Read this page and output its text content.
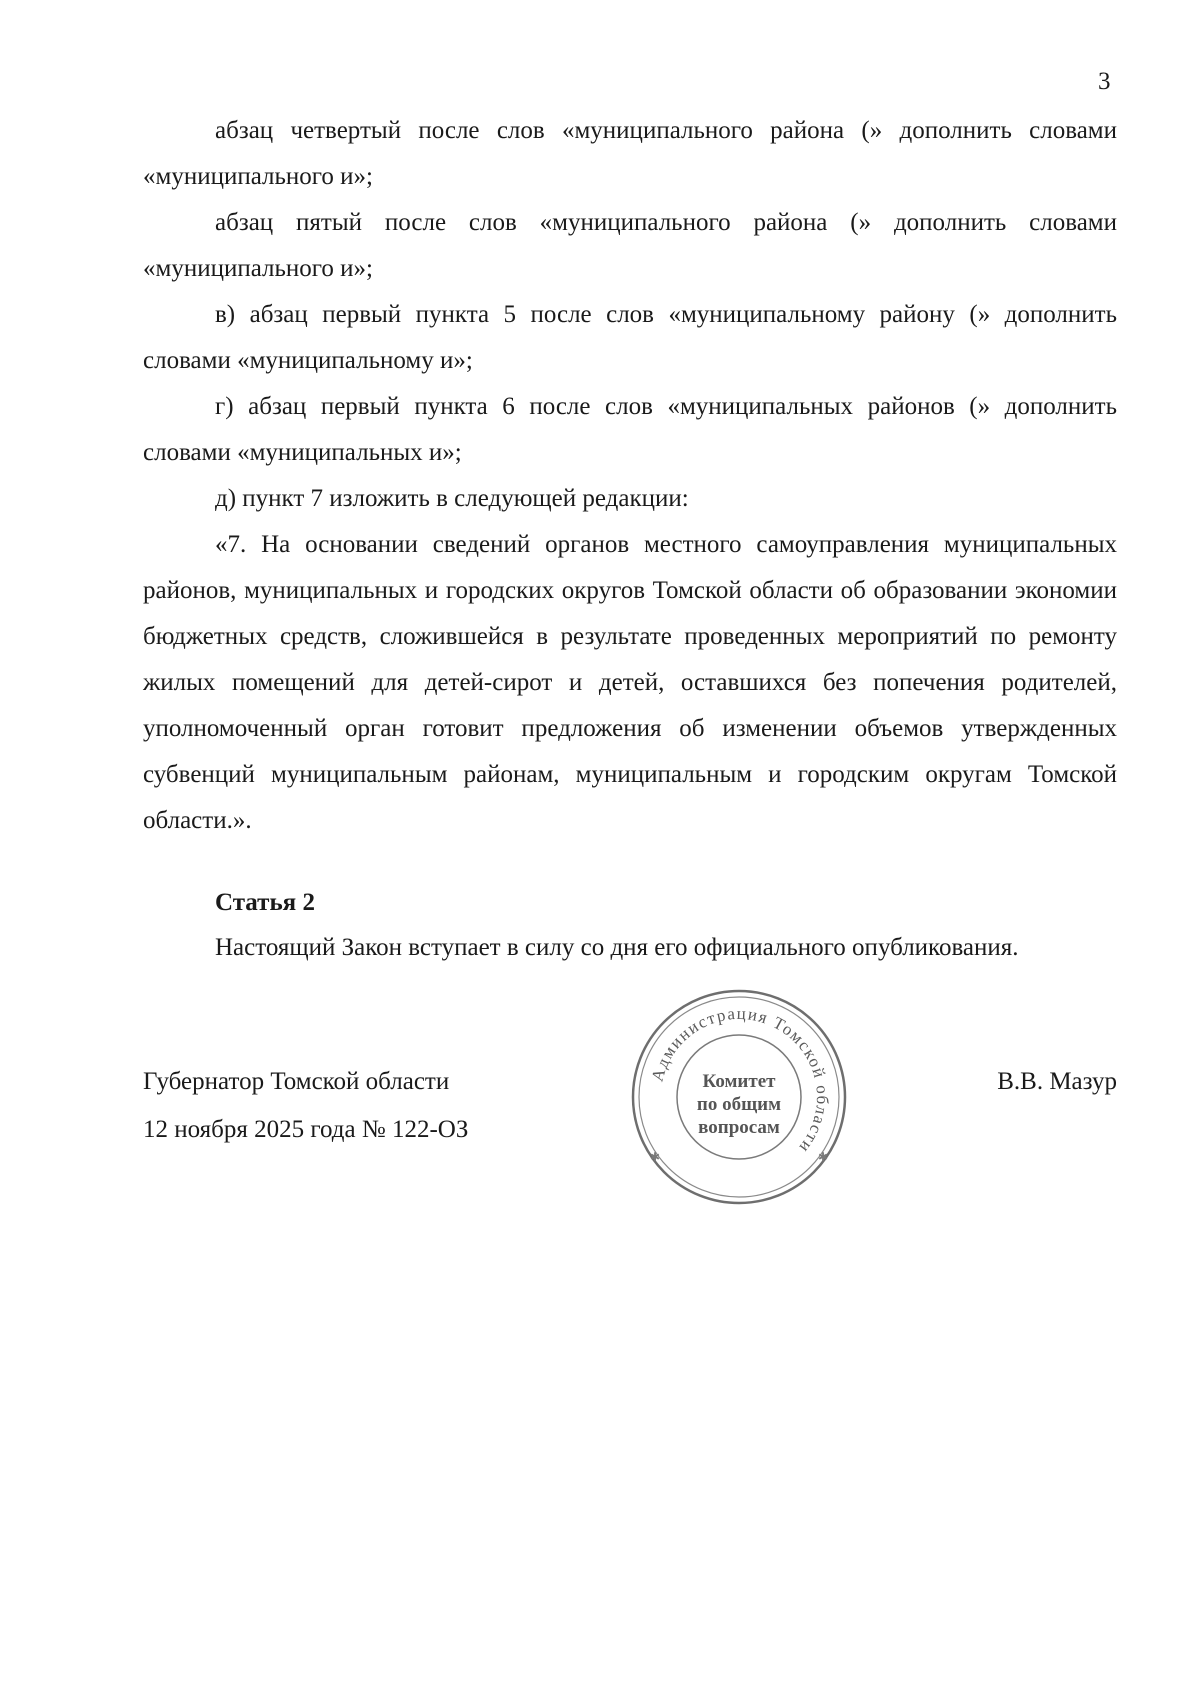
3

абзац четвертый после слов «муниципального района (» дополнить словами «муниципального и»;

абзац пятый после слов «муниципального района (» дополнить словами «муниципального и»;

в) абзац первый пункта 5 после слов «муниципальному району (» дополнить словами «муниципальному и»;

г) абзац первый пункта 6 после слов «муниципальных районов (» дополнить словами «муниципальных и»;

д) пункт 7 изложить в следующей редакции:

«7. На основании сведений органов местного самоуправления муниципальных районов, муниципальных и городских округов Томской области об образовании экономии бюджетных средств, сложившейся в результате проведенных мероприятий по ремонту жилых помещений для детей-сирот и детей, оставшихся без попечения родителей, уполномоченный орган готовит предложения об изменении объемов утвержденных субвенций муниципальным районам, муниципальным и городским округам Томской области.».

Статья 2
Настоящий Закон вступает в силу со дня его официального опубликования.
Губернатор Томской области
12 ноября 2025 года № 122-ОЗ
В.В. Мазур
Администрация Томской области
✱	✱
Комитет
по общим
вопросам
